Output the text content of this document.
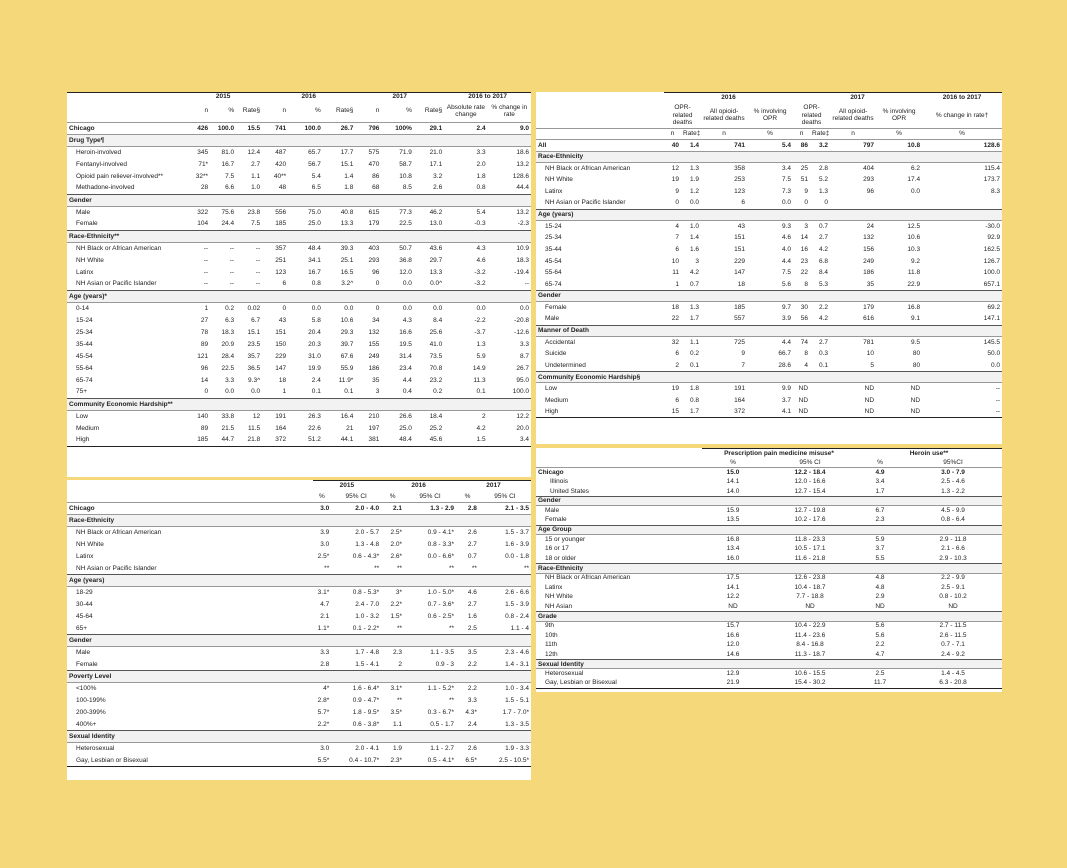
	2015			2016			2017			2016 to 2017	
	n	%	Rate§	n	%	Rate§	n	%	Rate§	Absolute rate change	% change in rate
Chicago	426	100.0	15.5	741	100.0	26.7	796	100%	29.1	2.4	9.0
Drug Type¶											
Heroin-involved	345	81.0	12.4	487	65.7	17.7	575	71.9	21.0	3.3	18.6
Fentanyl-involved	71*	16.7	2.7	420	56.7	15.1	470	58.7	17.1	2.0	13.2
Opioid pain reliever-involved**	32**	7.5	1.1	40**	5.4	1.4	86	10.8	3.2	1.8	128.6
Methadone-involved	28	6.6	1.0	48	6.5	1.8	68	8.5	2.6	0.8	44.4
Gender											
Male	322	75.6	23.8	556	75.0	40.8	615	77.3	46.2	5.4	13.2
Female	104	24.4	7.5	185	25.0	13.3	179	22.5	13.0	-0.3	-2.3
Race-Ethnicity**											
NH Black or African American	--	--	--	357	48.4	39.3	403	50.7	43.6	4.3	10.9
NH White	--	--	--	251	34.1	25.1	293	36.8	29.7	4.6	18.3
Latinx	--	--	--	123	16.7	16.5	96	12.0	13.3	-3.2	-19.4
NH Asian or Pacific Islander	--	--	--	6	0.8	3.2^	0	0.0	0.0^	-3.2	--
Age (years)*											
0-14	1	0.2	0.02	0	0.0	0.0	0	0.0	0.0	0.0	0.0
15-24	27	6.3	6.7	43	5.8	10.6	34	4.3	8.4	-2.2	-20.8
25-34	78	18.3	15.1	151	20.4	29.3	132	16.6	25.6	-3.7	-12.6
35-44	89	20.9	23.5	150	20.3	39.7	155	19.5	41.0	1.3	3.3
45-54	121	28.4	35.7	229	31.0	67.6	249	31.4	73.5	5.9	8.7
55-64	96	22.5	36.5	147	19.9	55.9	186	23.4	70.8	14.9	26.7
65-74	14	3.3	9.3^	18	2.4	11.9*	35	4.4	23.2	11.3	95.0
75+	0	0.0	0.0	1	0.1	0.1	3	0.4	0.2	0.1	100.0
Community Economic Hardship**											
Low	140	33.8	12	191	26.3	16.4	210	26.6	18.4	2	12.2
Medium	89	21.5	11.5	164	22.6	21	197	25.0	25.2	4.2	20.0
High	185	44.7	21.8	372	51.2	44.1	381	48.4	45.6	1.5	3.4
	2015		2016		2017	
	%	95% CI	%	95% CI	%	95% CI
Chicago	3.0	2.0 - 4.0	2.1	1.3 - 2.9	2.8	2.1 - 3.5
Race-Ethnicity						
NH Black or African American	3.9	2.0 - 5.7	2.5*	0.9 - 4.1*	2.6	1.5 - 3.7
NH White	3.0	1.3 - 4.8	2.0*	0.8 - 3.3*	2.7	1.6 - 3.9
Latinx	2.5*	0.6 - 4.3*	2.6*	0.0 - 6.6*	0.7	0.0 - 1.8
NH Asian or Pacific Islander	**	**	**	**	**	**
Age (years)						
18-29	3.1*	0.8 - 5.3*	3*	1.0 - 5.0*	4.6	2.6 - 6.6
30-44	4.7	2.4 - 7.0	2.2*	0.7 - 3.6*	2.7	1.5 - 3.9
45-64	2.1	1.0 - 3.2	1.5*	0.6 - 2.5*	1.6	0.8 - 2.4
65+	1.1*	0.1 - 2.2*	**	**	2.5	1.1 - 4
Gender						
Male	3.3	1.7 - 4.8	2.3	1.1 - 3.5	3.5	2.3 - 4.6
Female	2.8	1.5 - 4.1	2	0.9 - 3	2.2	1.4 - 3.1
Poverty Level						
<100%	4*	1.6 - 6.4*	3.1*	1.1 - 5.2*	2.2	1.0 - 3.4
100-199%	2.8*	0.9 - 4.7*	**	**	3.3	1.5 - 5.1
200-399%	5.7*	1.8 - 9.5*	3.5*	0.3 - 6.7*	4.3*	1.7 - 7.0*
400%+	2.2*	0.6 - 3.8*	1.1	0.5 - 1.7	2.4	1.3 - 3.5
Sexual Identity						
Heterosexual	3.0	2.0 - 4.1	1.9	1.1 - 2.7	2.6	1.9 - 3.3
Gay, Lesbian or Bisexual	5.5*	0.4 - 10.7*	2.3*	0.5 - 4.1*	6.5*	2.5 - 10.5*
	2016				2017				2016 to 2017
	OPR-related deaths		All opioid-related deaths	% involving OPR	OPR-related deaths		All opioid-related deaths	% involving OPR	% change in rate†
	n	Rate‡	n	%	n	Rate‡	n	%	%
All	40	1.4	741	5.4	86	3.2	797	10.8	128.6
Race-Ethnicity									
NH Black or African American	12	1.3	358	3.4	25	2.8	404	6.2	115.4
NH White	19	1.9	253	7.5	51	5.2	293	17.4	173.7
Latinx	9	1.2	123	7.3	9	1.3	96	0.0	8.3
NH Asian or Pacific Islander	0	0.0	6	0.0	0	0			
Age (years)									
15-24	4	1.0	43	9.3	3	0.7	24	12.5	-30.0
25-34	7	1.4	151	4.6	14	2.7	132	10.6	92.9
35-44	6	1.6	151	4.0	16	4.2	156	10.3	162.5
45-54	10	3	229	4.4	23	6.8	249	9.2	126.7
55-64	11	4.2	147	7.5	22	8.4	186	11.8	100.0
65-74	1	0.7	18	5.6	8	5.3	35	22.9	657.1
Gender									
Female	18	1.3	185	9.7	30	2.2	179	16.8	69.2
Male	22	1.7	557	3.9	56	4.2	616	9.1	147.1
Manner of Death									
Accidental	32	1.1	725	4.4	74	2.7	781	9.5	145.5
Suicide	6	0.2	9	66.7	8	0.3	10	80	50.0
Undetermined	2	0.1	7	28.6	4	0.1	5	80	0.0
Community Economic Hardship§									
Low	19	1.8	191	9.9	ND		ND	ND	--
Medium	6	0.8	164	3.7	ND		ND	ND	--
High	15	1.7	372	4.1	ND		ND	ND	--
	Prescription pain medicine misuse*		Heroin use**	
	%	95% CI	%	95%CI
Chicago	15.0	12.2 - 18.4	4.9	3.0 - 7.9
Illinois	14.1	12.0 - 16.6	3.4	2.5 - 4.6
United States	14.0	12.7 - 15.4	1.7	1.3 - 2.2
Gender				
Male	15.9	12.7 - 19.8	6.7	4.5 - 9.9
Female	13.5	10.2 - 17.6	2.3	0.8 - 6.4
Age Group				
15 or younger	16.8	11.8 - 23.3	5.9	2.9 - 11.8
16 or 17	13.4	10.5 - 17.1	3.7	2.1 - 6.6
18 or older	16.0	11.6 - 21.8	5.5	2.9 - 10.3
Race-Ethnicity				
NH Black or African American	17.5	12.6 - 23.8	4.8	2.2 - 9.9
Latinx	14.1	10.4 - 18.7	4.8	2.5 - 9.1
NH White	12.2	7.7 - 18.8	2.9	0.8 - 10.2
NH Asian	ND	ND	ND	ND
Grade				
9th	15.7	10.4 - 22.9	5.6	2.7 - 11.5
10th	16.6	11.4 - 23.6	5.6	2.6 - 11.5
11th	12.0	8.4 - 16.8	2.2	0.7 - 7.1
12th	14.6	11.3 - 18.7	4.7	2.4 - 9.2
Sexual Identity				
Heterosexual	12.9	10.6 - 15.5	2.5	1.4 - 4.5
Gay, Lesbian or Bisexual	21.9	15.4 - 30.2	11.7	6.3 - 20.8
